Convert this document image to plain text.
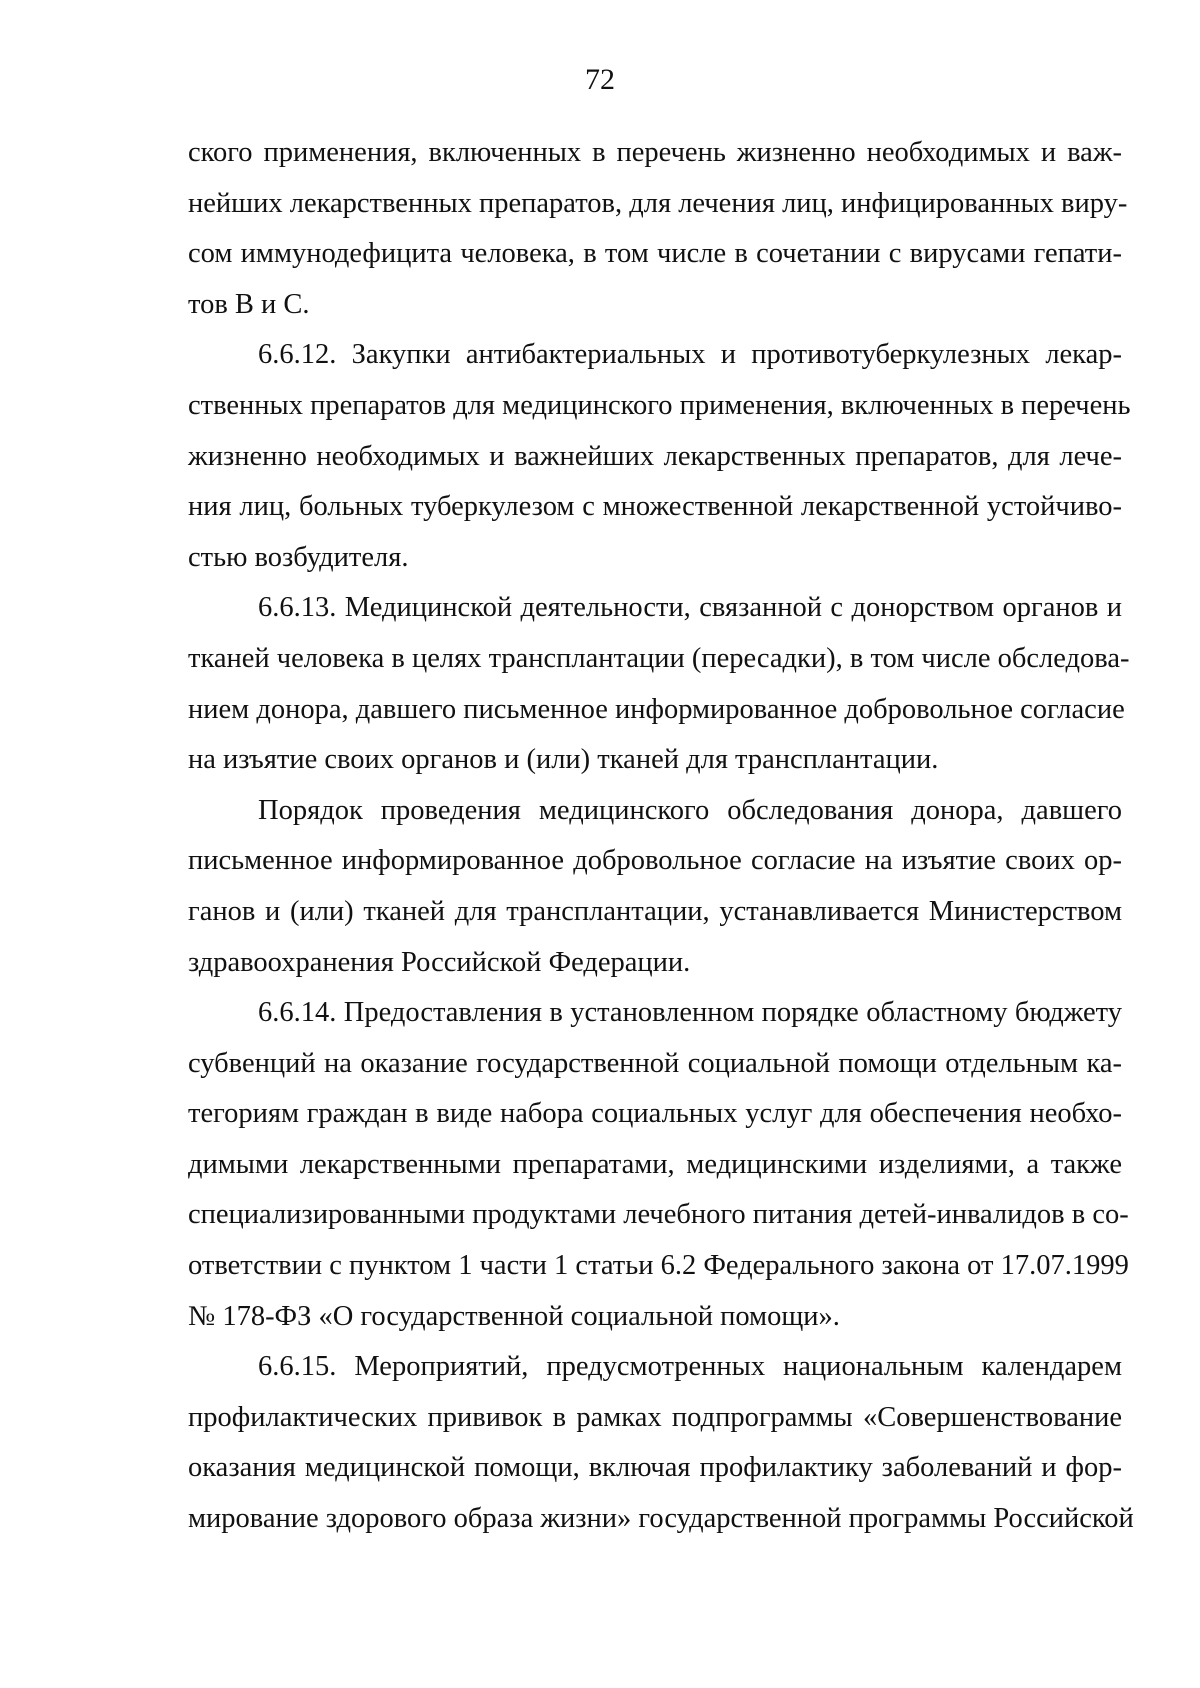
72
ского применения, включенных в перечень жизненно необходимых и важ-
нейших лекарственных препаратов, для лечения лиц, инфицированных виру-
сом иммунодефицита человека, в том числе в сочетании с вирусами гепати-
тов В и С.
6.6.12. Закупки антибактериальных и противотуберкулезных лекар-
ственных препаратов для медицинского применения, включенных в перечень
жизненно необходимых и важнейших лекарственных препаратов, для лече-
ния лиц, больных туберкулезом с множественной лекарственной устойчиво-
стью возбудителя.
6.6.13. Медицинской деятельности, связанной с донорством органов и
тканей человека в целях трансплантации (пересадки), в том числе обследова-
нием донора, давшего письменное информированное добровольное согласие
на изъятие своих органов и (или) тканей для трансплантации.
Порядок проведения медицинского обследования донора, давшего
письменное информированное добровольное согласие на изъятие своих ор-
ганов и (или) тканей для трансплантации, устанавливается Министерством
здравоохранения Российской Федерации.
6.6.14. Предоставления в установленном порядке областному бюджету
субвенций на оказание государственной социальной помощи отдельным ка-
тегориям граждан в виде набора социальных услуг для обеспечения необхо-
димыми лекарственными препаратами, медицинскими изделиями, а также
специализированными продуктами лечебного питания детей-инвалидов в со-
ответствии с пунктом 1 части 1 статьи 6.2 Федерального закона от 17.07.1999
№ 178-ФЗ «О государственной социальной помощи».
6.6.15. Мероприятий, предусмотренных национальным календарем
профилактических прививок в рамках подпрограммы «Совершенствование
оказания медицинской помощи, включая профилактику заболеваний и фор-
мирование здорового образа жизни» государственной программы Российской
